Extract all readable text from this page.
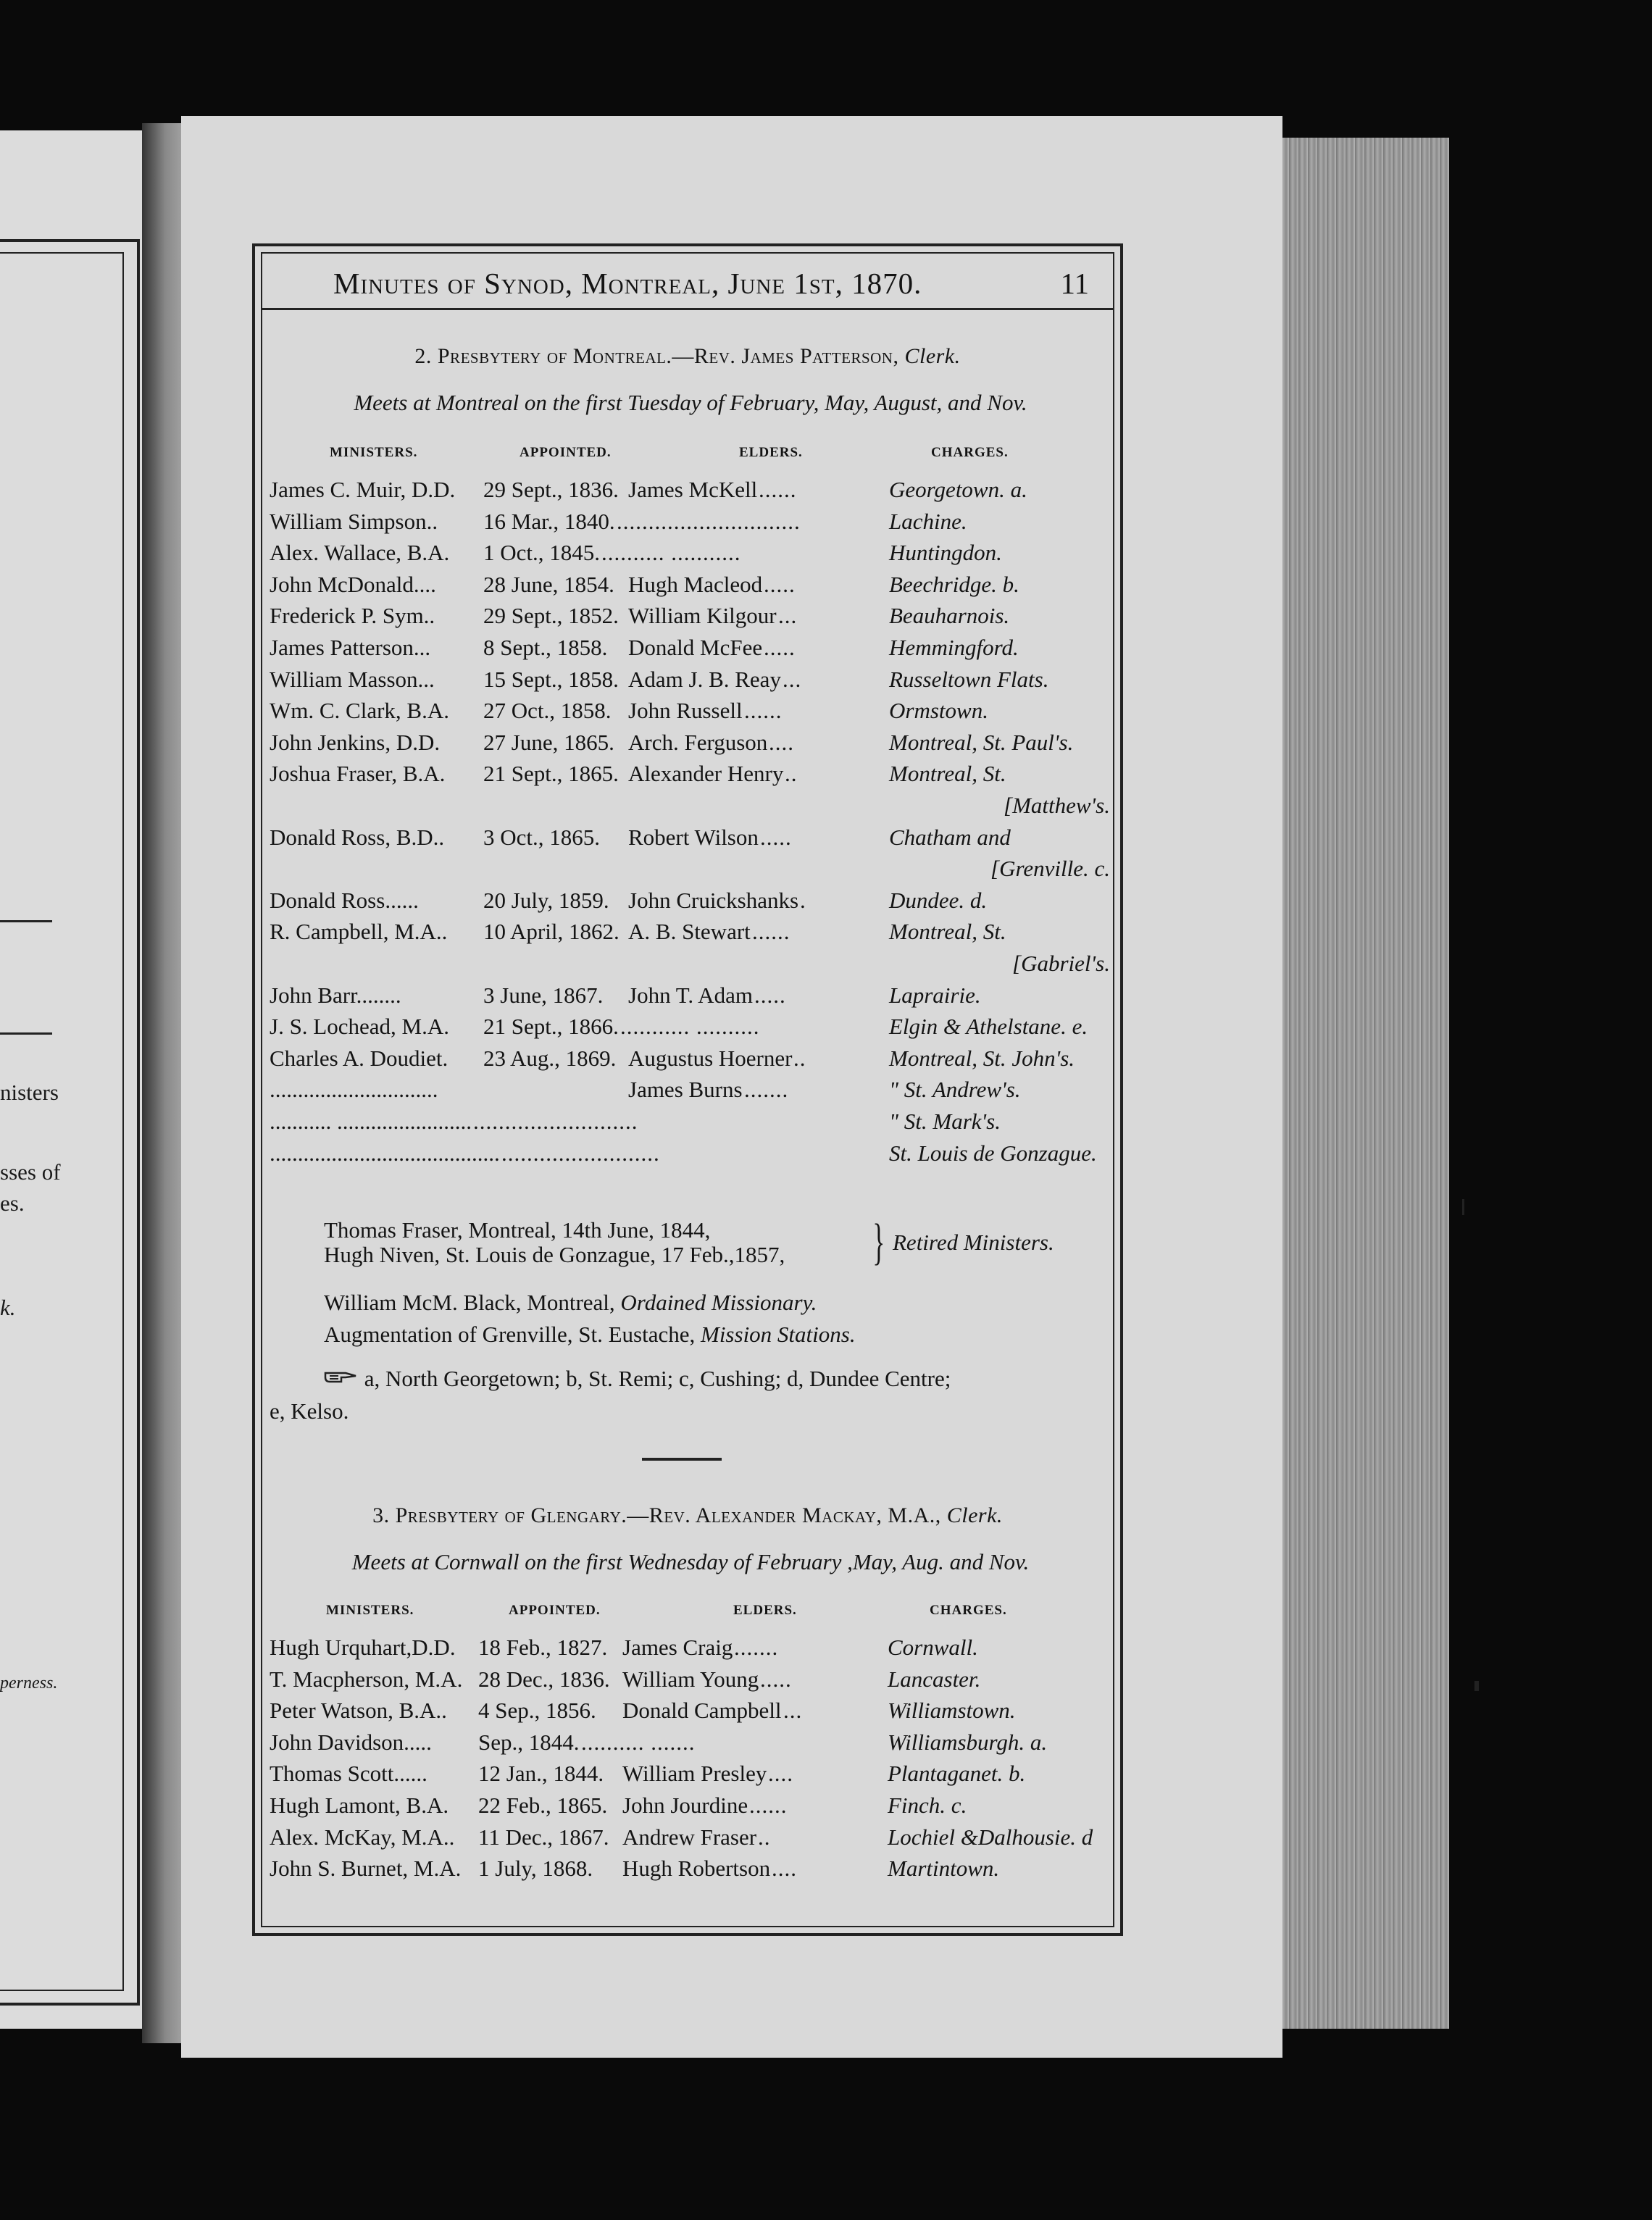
nisters
sses of
es.
k.
perness.
Minutes of Synod, Montreal, June 1st, 1870.	11
2. Presbytery of Montreal.—Rev. James Patterson, Clerk.
Meets at Montreal on the first Tuesday of February, May, August, and Nov.
MINISTERS.	APPOINTED.	ELDERS.	CHARGES.
James C. Muir, D.D. 29 Sept., 1836. James McKell ......	Georgetown. a.
William Simpson.. 16 Mar., 1840. .............................	Lachine.
Alex. Wallace, B.A. 1 Oct., 1845. .......... ...........	Huntingdon.
John McDonald.... 28 June, 1854. Hugh Macleod .....	Beechridge. b.
Frederick P. Sym.. 29 Sept., 1852. William Kilgour ...	Beauharnois.
James Patterson... 8 Sept., 1858. Donald McFee .....	Hemmingford.
William Masson... 15 Sept., 1858. Adam J. B. Reay ...	Russeltown Flats.
Wm. C. Clark, B.A. 27 Oct., 1858. John Russell ......	Ormstown.
John Jenkins, D.D. 27 June, 1865. Arch. Ferguson ....	Montreal, St. Paul's.
Joshua Fraser, B.A. 21 Sept., 1865. Alexander Henry ..	Montreal, St.
[Matthew's.
Donald Ross, B.D.. 3 Oct., 1865. Robert Wilson .....	Chatham and
[Grenville. c.
Donald Ross......	20 July, 1859. John Cruickshanks .	Dundee. d.
R. Campbell, M.A.. 10 April, 1862. A. B. Stewart ......	Montreal, St.
[Gabriel's.
John Barr........	3 June, 1867. John T. Adam .....	Laprairie.
J. S. Lochead, M.A. 21 Sept., 1866. ........... ..........	Elgin & Athelstane. e.
Charles A. Doudiet. 23 Aug., 1869. Augustus Hoerner ..	Montreal, St. John's.
..............................	James Burns .......	" St. Andrew's.
........... ........................ ..........................	" St. Mark's.
......................................... .........................	St. Louis de Gonzague.
Thomas Fraser, Montreal, 14th June, 1844,
Hugh Niven, St. Louis de Gonzague, 17 Feb.,1857, } Retired Ministers.
William McM. Black, Montreal, Ordained Missionary.
Augmentation of Grenville, St. Eustache, Mission Stations.
a, North Georgetown; b, St. Remi; c, Cushing; d, Dundee Centre;
e, Kelso.
3. Presbytery of Glengary.—Rev. Alexander Mackay, M.A., Clerk.
Meets at Cornwall on the first Wednesday of February ,May, Aug. and Nov.
MINISTERS.	APPOINTED.	ELDERS.	CHARGES.
Hugh Urquhart,D.D. 18 Feb., 1827. James Craig .......	Cornwall.
T. Macpherson, M.A. 28 Dec., 1836. William Young .....	Lancaster.
Peter Watson, B.A.. 4 Sep., 1856. Donald Campbell ...	Williamstown.
John Davidson..... Sep., 1844. .......... .......	Williamsburgh. a.
Thomas Scott...... 12 Jan., 1844. William Presley ....	Plantaganet. b.
Hugh Lamont, B.A. 22 Feb., 1865. John Jourdine ......	Finch. c.
Alex. McKay, M.A.. 11 Dec., 1867. Andrew Fraser ..	Lochiel &Dalhousie. d
John S. Burnet, M.A. 1 July, 1868. Hugh Robertson ....	Martintown.
